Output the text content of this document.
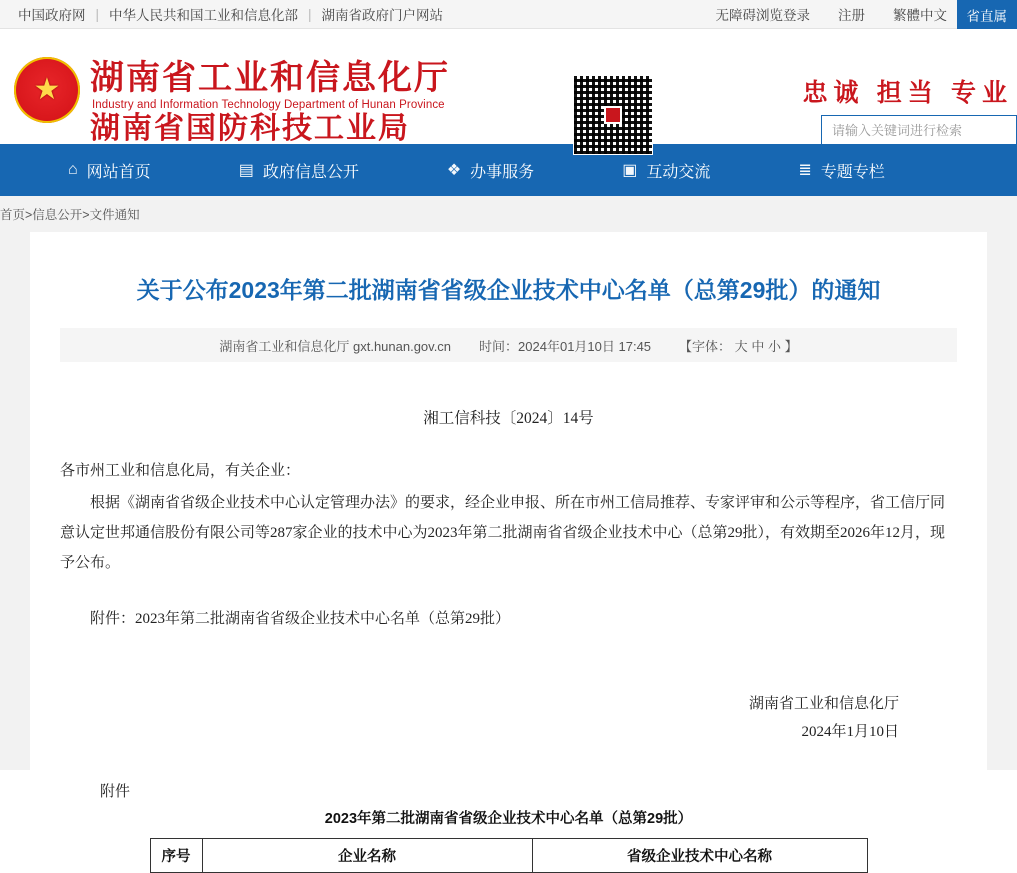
中国政府网 | 中华人民共和国工业和信息化部 | 湖南省政府门户网站	无障碍浏览登录	注册	繁體中文	省直属
★ 湖南省工业和信息化厅
Industry and Information Technology Department of Hunan Province
湖南省国防科技工业局
忠诚 担当 专业
请输入关键词进行检索
⌂ 网站首页	▤ 政府信息公开	❖ 办事服务	▣ 互动交流	≣ 专题专栏
首页>信息公开>文件通知
关于公布2023年第二批湖南省省级企业技术中心名单（总第29批）的通知
湖南省工业和信息化厅 gxt.hunan.gov.cn 时间：2024年01月10日 17:45 【字体： 大 中 小 】
湘工信科技〔2024〕14号

各市州工业和信息化局，有关企业：

根据《湖南省省级企业技术中心认定管理办法》的要求，经企业申报、所在市州工信局推荐、专家评审和公示等程序，省工信厅同意认定世邦通信股份有限公司等287家企业的技术中心为2023年第二批湖南省省级企业技术中心（总第29批），有效期至2026年12月，现予公布。

附件：2023年第二批湖南省省级企业技术中心名单（总第29批）

湖南省工业和信息化厅
2024年1月10日
附件
2023年第二批湖南省省级企业技术中心名单（总第29批）
序号	企业名称	省级企业技术中心名称
